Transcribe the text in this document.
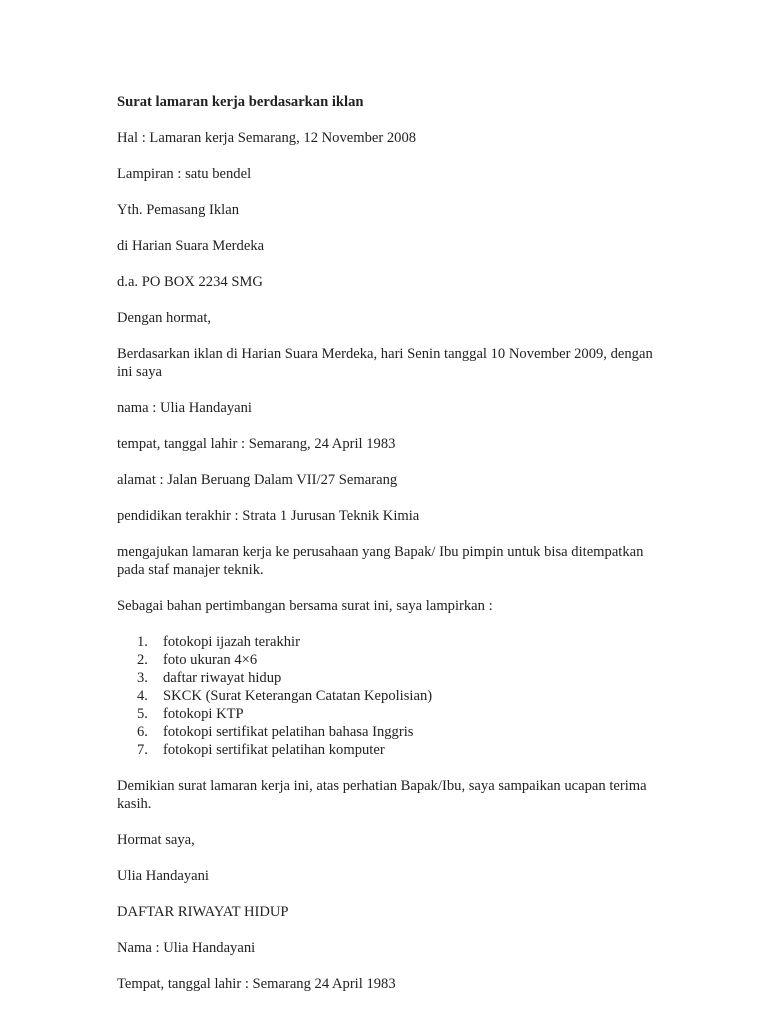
Surat lamaran kerja berdasarkan iklan

Hal : Lamaran kerja Semarang, 12 November 2008

Lampiran : satu bendel

Yth. Pemasang Iklan

di Harian Suara Merdeka

d.a. PO BOX 2234 SMG

Dengan hormat,

Berdasarkan iklan di Harian Suara Merdeka, hari Senin tanggal 10 November 2009, dengan ini saya

nama : Ulia Handayani

tempat, tanggal lahir : Semarang, 24 April 1983

alamat : Jalan Beruang Dalam VII/27 Semarang

pendidikan terakhir : Strata 1 Jurusan Teknik Kimia

mengajukan lamaran kerja ke perusahaan yang Bapak/ Ibu pimpin untuk bisa ditempatkan pada staf manajer teknik.

Sebagai bahan pertimbangan bersama surat ini, saya lampirkan :

1.	fotokopi ijazah terakhir
2.	foto ukuran 4×6
3.	daftar riwayat hidup
4.	SKCK (Surat Keterangan Catatan Kepolisian)
5.	fotokopi KTP
6.	fotokopi sertifikat pelatihan bahasa Inggris
7.	fotokopi sertifikat pelatihan komputer

Demikian surat lamaran kerja ini, atas perhatian Bapak/Ibu, saya sampaikan ucapan terima kasih.

Hormat saya,

Ulia Handayani

DAFTAR RIWAYAT HIDUP

Nama : Ulia Handayani

Tempat, tanggal lahir : Semarang 24 April 1983
